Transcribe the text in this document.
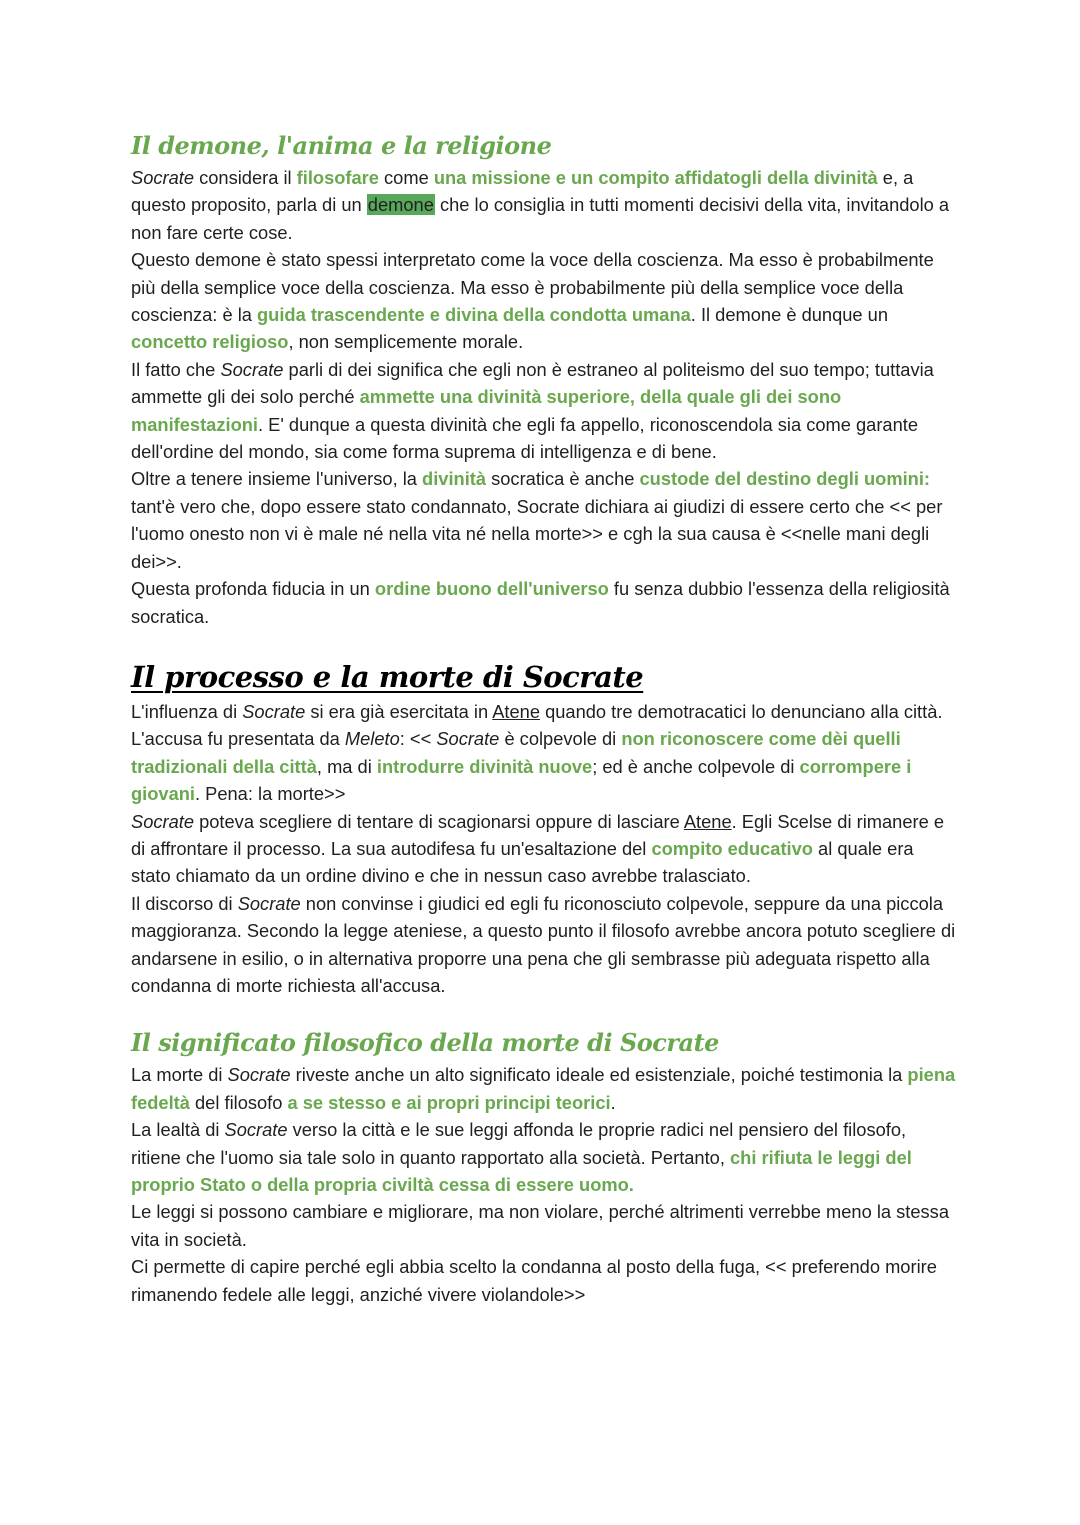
Il demone, l'anima e la religione

Socrate considera il filosofare come una missione e un compito affidatogli della divinità e, a questo proposito, parla di un demone che lo consiglia in tutti momenti decisivi della vita, invitandolo a non fare certe cose.

Questo demone è stato spessi interpretato come la voce della coscienza. Ma esso è probabilmente più della semplice voce della coscienza. Ma esso è probabilmente più della semplice voce della coscienza: è la guida trascendente e divina della condotta umana. Il demone è dunque un concetto religioso, non semplicemente morale.

Il fatto che Socrate parli di dei significa che egli non è estraneo al politeismo del suo tempo; tuttavia ammette gli dei solo perché ammette una divinità superiore, della quale gli dei sono manifestazioni. E' dunque a questa divinità che egli fa appello, riconoscendola sia come garante dell'ordine del mondo, sia come forma suprema di intelligenza e di bene.

Oltre a tenere insieme l'universo, la divinità socratica è anche custode del destino degli uomini: tant'è vero che, dopo essere stato condannato, Socrate dichiara ai giudizi di essere certo che << per l'uomo onesto non vi è male né nella vita né nella morte>> e cgh la sua causa è <<nelle mani degli dei>>.

Questa profonda fiducia in un ordine buono dell'universo fu senza dubbio l'essenza della religiosità socratica.

Il processo e la morte di Socrate

L'influenza di Socrate si era già esercitata in Atene quando tre demotracatici lo denunciano alla città. L'accusa fu presentata da Meleto: << Socrate è colpevole di non riconoscere come dèi quelli tradizionali della città, ma di introdurre divinità nuove; ed è anche colpevole di corrompere i giovani. Pena: la morte>>

Socrate poteva scegliere di tentare di scagionarsi oppure di lasciare Atene. Egli Scelse di rimanere e di affrontare il processo. La sua autodifesa fu un'esaltazione del compito educativo al quale era stato chiamato da un ordine divino e che in nessun caso avrebbe tralasciato.

Il discorso di Socrate non convinse i giudici ed egli fu riconosciuto colpevole, seppure da una piccola maggioranza. Secondo la legge ateniese, a questo punto il filosofo avrebbe ancora potuto scegliere di andarsene in esilio, o in alternativa proporre una pena che gli sembrasse più adeguata rispetto alla condanna di morte richiesta all'accusa.

Il significato filosofico della morte di Socrate

La morte di Socrate riveste anche un alto significato ideale ed esistenziale, poiché testimonia la piena fedeltà del filosofo a se stesso e ai propri principi teorici.

La lealtà di Socrate verso la città e le sue leggi affonda le proprie radici nel pensiero del filosofo, ritiene che l'uomo sia tale solo in quanto rapportato alla società. Pertanto, chi rifiuta le leggi del proprio Stato o della propria civiltà cessa di essere uomo.

Le leggi si possono cambiare e migliorare, ma non violare, perché altrimenti verrebbe meno la stessa vita in società.

Ci permette di capire perché egli abbia scelto la condanna al posto della fuga, << preferendo morire rimanendo fedele alle leggi, anziché vivere violandole>>
